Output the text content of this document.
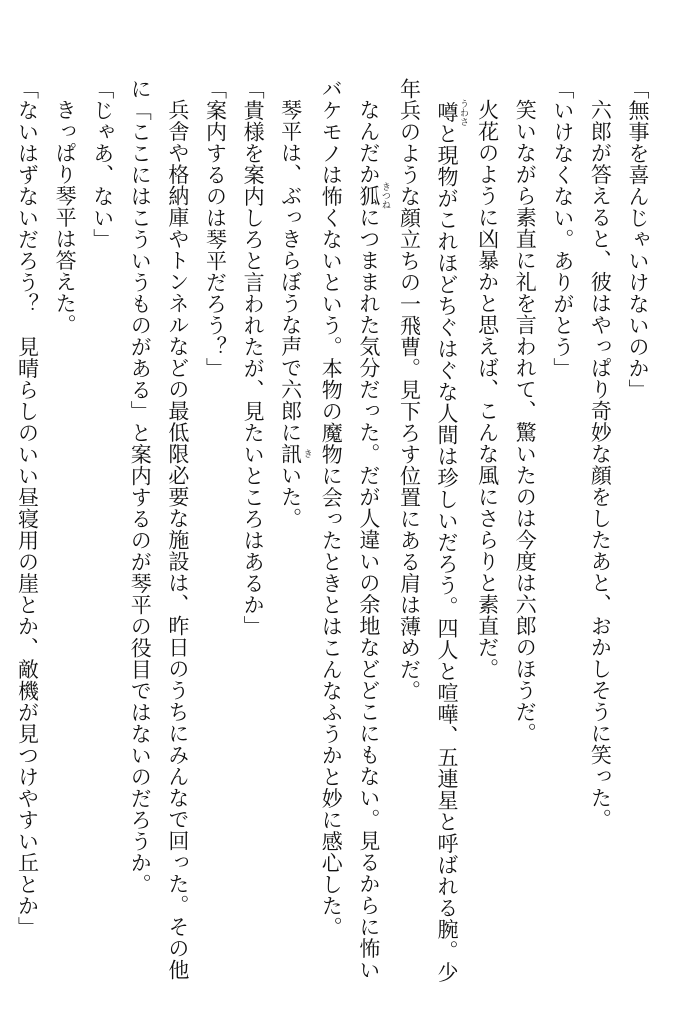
「無事を喜んじゃいけないのか」

六郎が答えると、彼はやっぱり奇妙な顔をしたあと、おかしそうに笑った。

「いけなくない。ありがとう」

笑いながら素直に礼を言われて、驚いたのは今度は六郎のほうだ。

火花のように凶暴かと思えば、こんな風にさらりと素直だ。

噂 うわさと現物がこれほどちぐはぐな人間は珍しいだろう。四人と喧嘩、五連星と呼ばれる腕。少

年兵のような顔立ちの一飛曹。見下ろす位置にある肩は薄めだ。

なんだか狐 きつねにつままれた気分だった。だが人違いの余地などどこにもない。見るからに怖い

バケモノは怖くないという。本物の魔物に会ったときとはこんなふうかと妙に感心した。

琴平は、ぶっきらぼうな声で六郎に訊 きいた。

「貴様を案内しろと言われたが、見たいところはあるか」

「案内するのは琴平だろう？」

兵舎や格納庫やトンネルなどの最低限必要な施設は、昨日のうちにみんなで回った。その他

に「ここにはこういうものがある」と案内するのが琴平の役目ではないのだろうか。

「じゃあ、ない」

きっぱり琴平は答えた。

「ないはずないだろう？　見晴らしのいい昼寝用の崖とか、敵機が見つけやすい丘とか」
